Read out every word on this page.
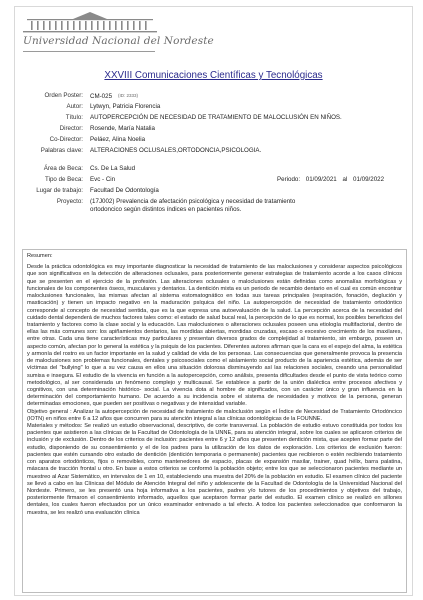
Universidad Nacional del Nordeste
XXVIII Comunicaciones Científicas y Tecnológicas
Orden Poster: CM-025 (ID: 2333)
Autor: Lytwyn, Patricia Florencia
Título: AUTOPERCEPCIÓN DE NECESIDAD DE TRATAMIENTO DE MALOCLUSIÓN EN NIÑOS.
Director: Rosende, María Natalia
Co-Director: Peláez, Alina Noelia
Palabras clave: ALTERACIONES OCLUSALES,ORTODONCIA,PSICOLOGIA.
Área de Beca: Cs. De La Salud
Tipo de Beca: Evc - Cin	Periodo: 01/09/2021 al 01/09/2022
Lugar de trabajo: Facultad De Odontología
Proyecto: (17J002) Prevalencia de afectación psicológica y necesidad de tratamiento ortodoncico según distintos índices en pacientes niños.

Resumen:

Desde la práctica odontológica es muy importante diagnosticar la necesidad de tratamiento de las maloclusiones y considerar aspectos psicológicos que son significativos en la detección de alteraciones oclusales, para posteriormente generar estrategias de tratamiento acorde a los casos clínicos que se presenten en el ejercicio de la profesión. Las alteraciones oclusales o maloclusiones están definidas como anomalías morfológicas y funcionales de los componentes óseos, musculares y dentarios. La dentición mixta es un periodo de recambio dentario en el cual es común encontrar maloclusiones funcionales, las mismas afectan al sistema estomatognático en todas sus tareas principales (respiración, fonación, deglución y masticación) y tienen un impacto negativo en la maduración psíquica del niño. La autopercepción de necesidad de tratamiento ortodóntico corresponde al concepto de necesidad sentida, que es la que expresa una autoevaluación de la salud. La percepción acerca de la necesidad del cuidado dental dependerá de muchos factores tales como: el estado de salud bucal real, la percepción de lo que es normal, los posibles beneficios del tratamiento y factores como la clase social y la educación. Las maloclusiones o alteraciones oclusales poseen una etiología multifactorial, dentro de ellas las más comunes son: los apiñamientos dentarios, las mordidas abiertas, mordidas cruzadas, escaso o excesivo crecimiento de los maxilares, entre otras. Cada una tiene características muy particulares y presentan diversos grados de complejidad al tratamiento, sin embargo, poseen un aspecto común, afectan por lo general la estética y la psiquis de los pacientes. Diferentes autores afirman que la cara es el espejo del alma, la estética y armonía del rostro es un factor importante en la salud y calidad de vida de los personas. Las consecuencias que generalmente provoca la presencia de maloclusiones son problemas funcionales, dentales y psicosociales como el aislamiento social producto de la apariencia estética, además de ser víctimas del "bullying" lo que a su vez causa en ellos una situación dolorosa disminuyendo así las relaciones sociales, creando una personalidad sumisa e insegura. El estudio de la vivencia en función a la autopercepción, como análisis, presenta dificultades desde el punto de vista teórico como metodológico, al ser considerada un fenómeno complejo y multicausal. Se establece a partir de la unión dialéctica entre procesos afectivos y cognitivos, con una determinación histórico- social. La vivencia dota al hombre de significados, con un carácter único y gran influencia en la determinación del comportamiento humano. De acuerdo a su incidencia sobre el sistema de necesidades y motivos de la persona, generan determinadas emociones, que pueden ser positivas o negativas y de intensidad variable.

Objetivo general : Analizar la autopercepción de necesidad de tratamiento de maloclusión según el Índice de Necesidad de Tratamiento Ortodóncico (IOTN) en niños entre 6 a 12 años que concurren para su atención integral a las clínicas odontológicas de la FOUNNE.

Materiales y métodos: Se realizó un estudio observacional, descriptivo, de corte transversal. La población de estudio estuvo constituida por todos los pacientes que asistieron a las clínicas de la Facultad de Odontología de la UNNE, para su atención integral, sobre los cuales se aplicaron criterios de inclusión y de exclusión. Dentro de los criterios de inclusión: pacientes entre 6 y 12 años que presenten dentición mixta, que acepten formar parte del estudio, disponiendo de su consentimiento y el de los padres para la utilización de los datos de exploración. Los criterios de exclusión fueron: pacientes que estén cursando otro estadio de dentición (dentición temporaria o permanente) pacientes que recibieron o estén recibiendo tratamiento con aparatos ortodónticos, fijos o removibles, como mantenedores de espacio, placas de expansión maxilar, trainer, quad hélix, barra palatina, máscara de tracción frontal u otro. En base a estos criterios se conformó la población objeto; entre los que se seleccionaron pacientes mediante un muestreo al Azar Sistemático, en intervalos de 1 en 10, estableciendo una muestra del 20% de la población en estudio. El examen clínico del paciente se llevó a cabo en las Clínicas del Módulo de Atención Integral del niño y adolescente de la Facultad de Odontología de la Universidad Nacional del Nordeste. Primero, se les presentó una hoja informativa a los pacientes, padres y/o tutores de los procedimientos y objetivos del trabajo, posteriormente firmaron el consentimiento informado, aquellos que aceptaron formar parte del estudio. El examen clínico se realizó en sillones dentales, los cuales fueron efectuados por un único examinador entrenado a tal efecto. A todos los pacientes seleccionados que conformaron la muestra, se les realizó una evaluación clínica
